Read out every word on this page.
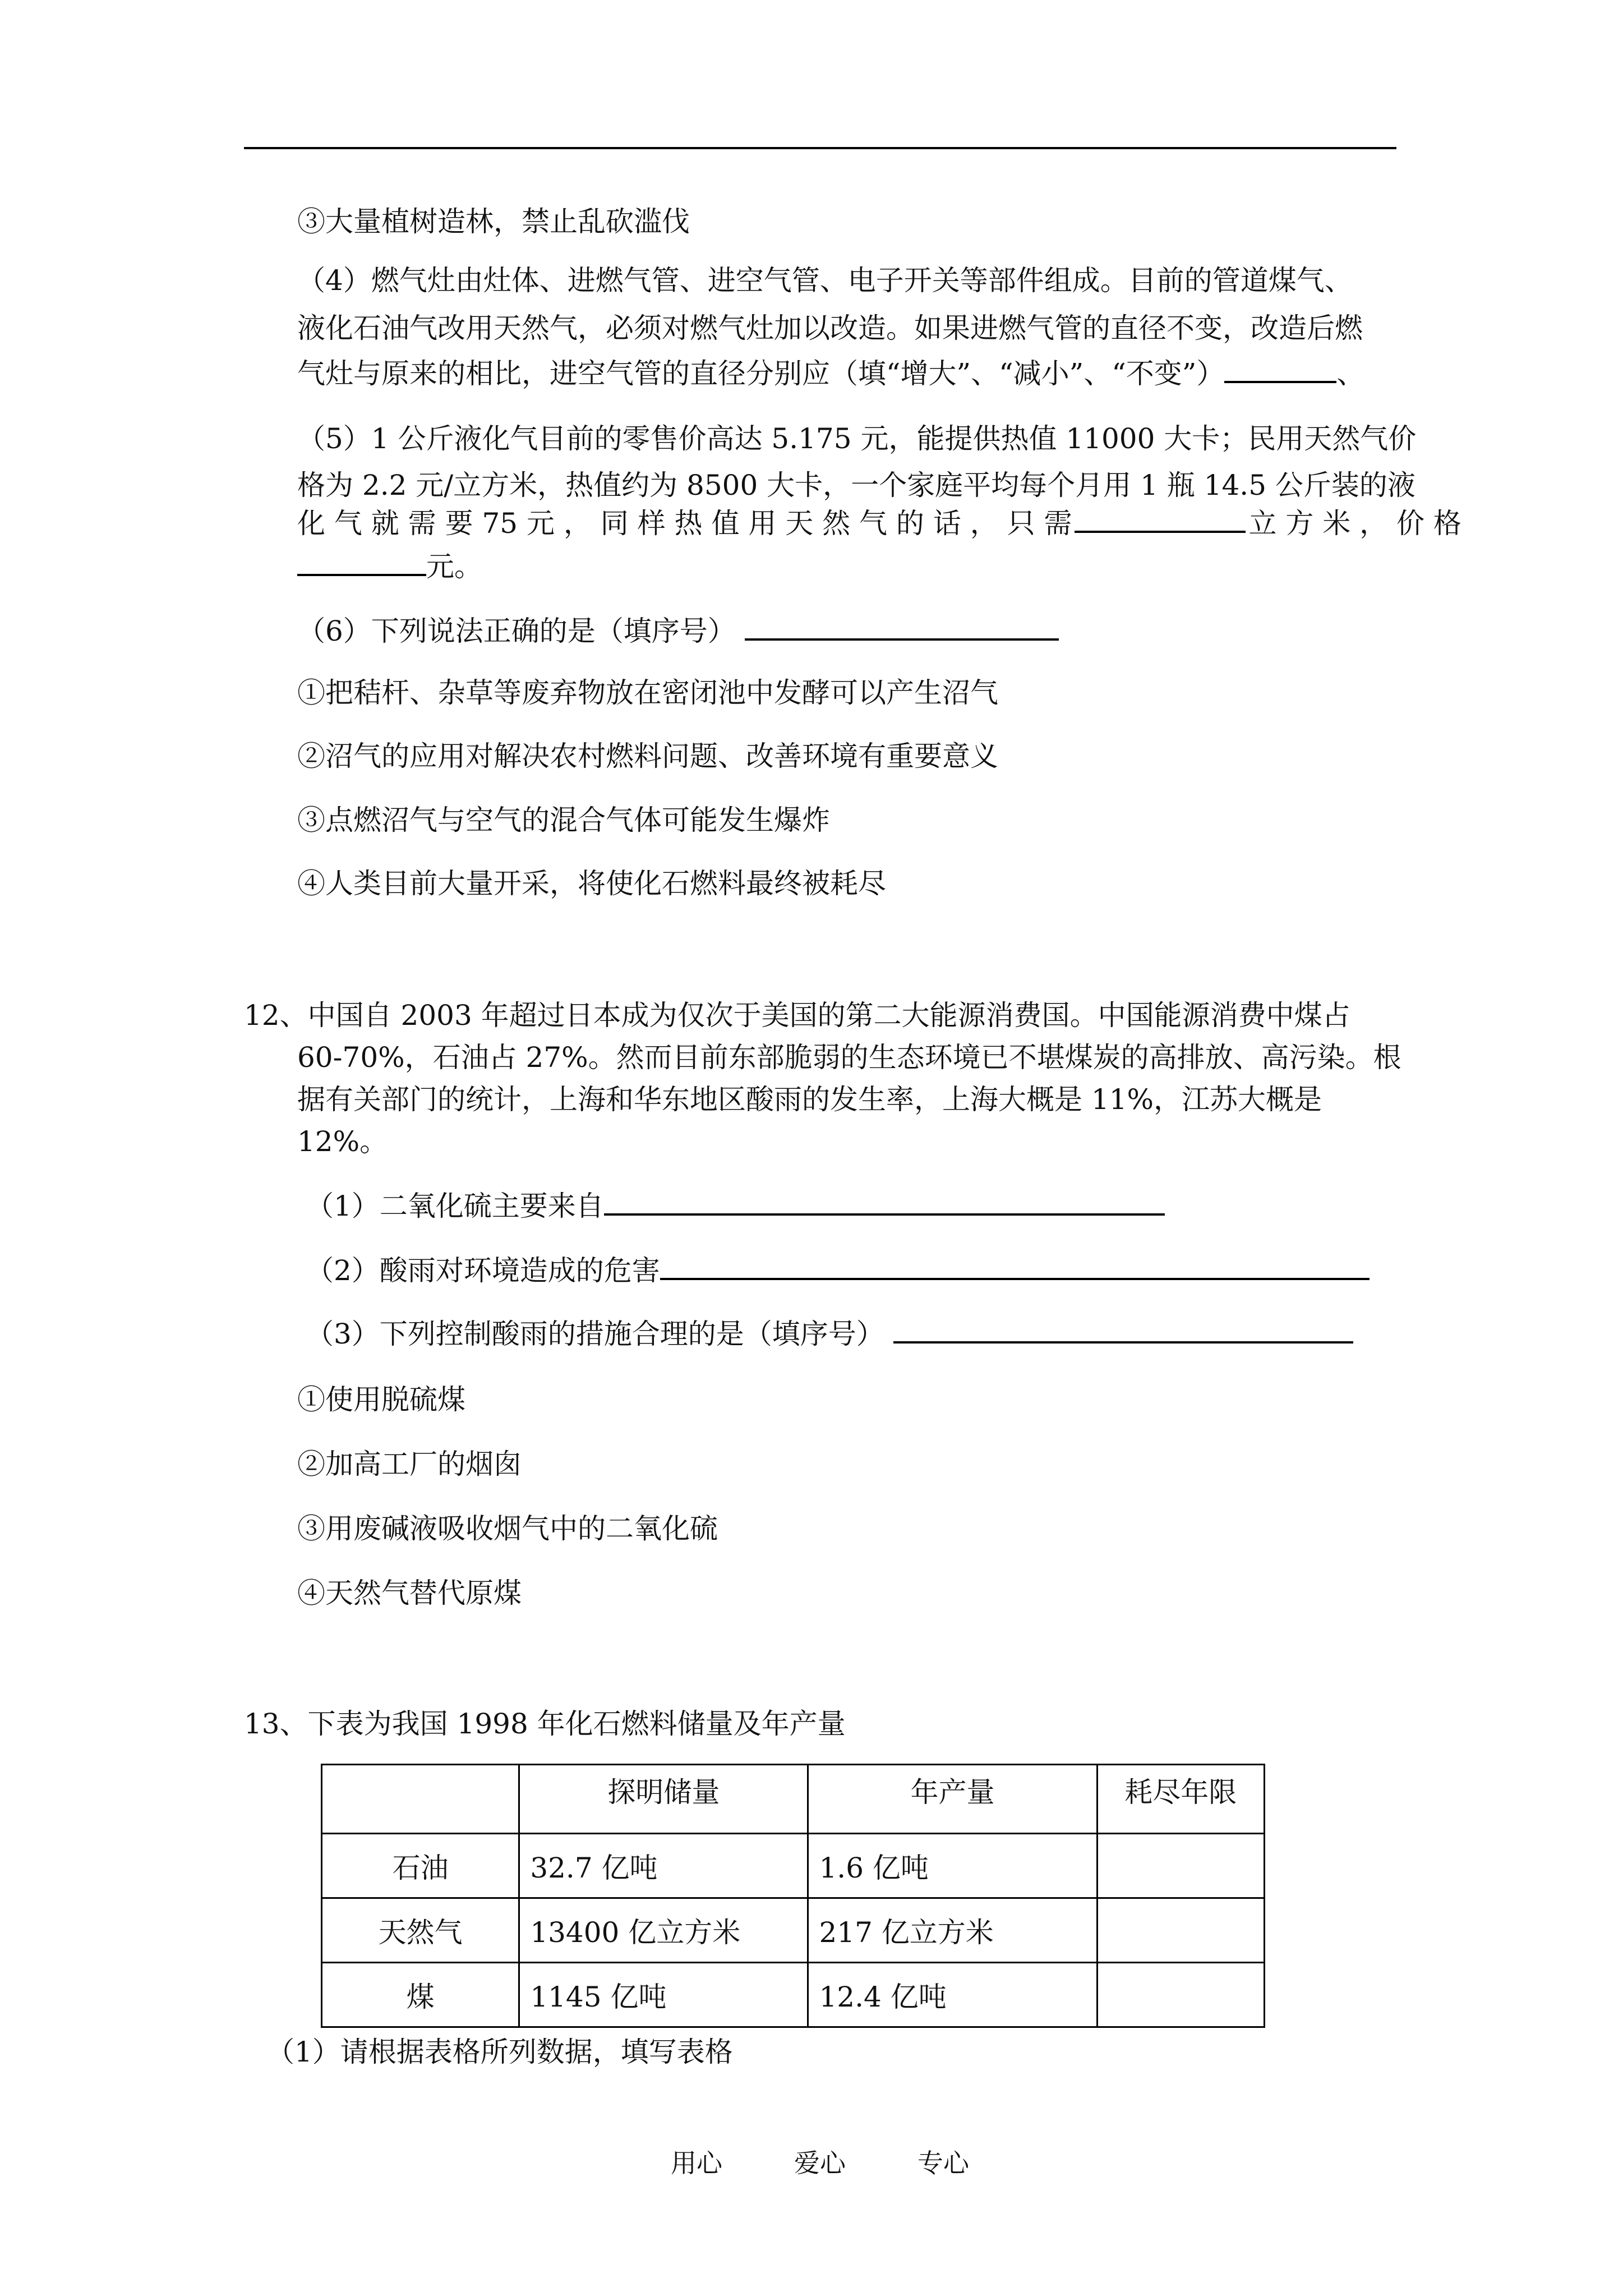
③大量植树造林，禁止乱砍滥伐
（4）燃气灶由灶体、进燃气管、进空气管、电子开关等部件组成。目前的管道煤气、
液化石油气改用天然气，必须对燃气灶加以改造。如果进燃气管的直径不变，改造后燃
气灶与原来的相比，进空气管的直径分别应（填“增大”、“减小”、“不变”）	、
（5）1 公斤液化气目前的零售价高达 5.175 元，能提供热值 11000 大卡；民用天然气价
格为 2.2 元/立方米，热值约为 8500 大卡，一个家庭平均每个月用 1 瓶 14.5 公斤装的液
化 气 就 需 要 75 元 ， 同 样 热 值 用 天 然 气 的 话 ， 只 需  	立 方 米 ， 价 格
元。
（6）下列说法正确的是（填序号）
①把秸杆、杂草等废弃物放在密闭池中发酵可以产生沼气
②沼气的应用对解决农村燃料问题、改善环境有重要意义
③点燃沼气与空气的混合气体可能发生爆炸
④人类目前大量开采，将使化石燃料最终被耗尽
12、中国自 2003 年超过日本成为仅次于美国的第二大能源消费国。中国能源消费中煤占
60-70%，石油占 27%。然而目前东部脆弱的生态环境已不堪煤炭的高排放、高污染。根
据有关部门的统计，上海和华东地区酸雨的发生率，上海大概是 11%，江苏大概是
12%。
（1）二氧化硫主要来自
（2）酸雨对环境造成的危害
（3）下列控制酸雨的措施合理的是（填序号）
①使用脱硫煤
②加高工厂的烟囱
③用废碱液吸收烟气中的二氧化硫
④天然气替代原煤
13、下表为我国 1998 年化石燃料储量及年产量
	探明储量	年产量	耗尽年限
石油	32.7 亿吨	1.6 亿吨	
天然气	13400 亿立方米	217 亿立方米	
煤	1145 亿吨	12.4 亿吨	
（1）请根据表格所列数据，填写表格
用心	爱心	专心
